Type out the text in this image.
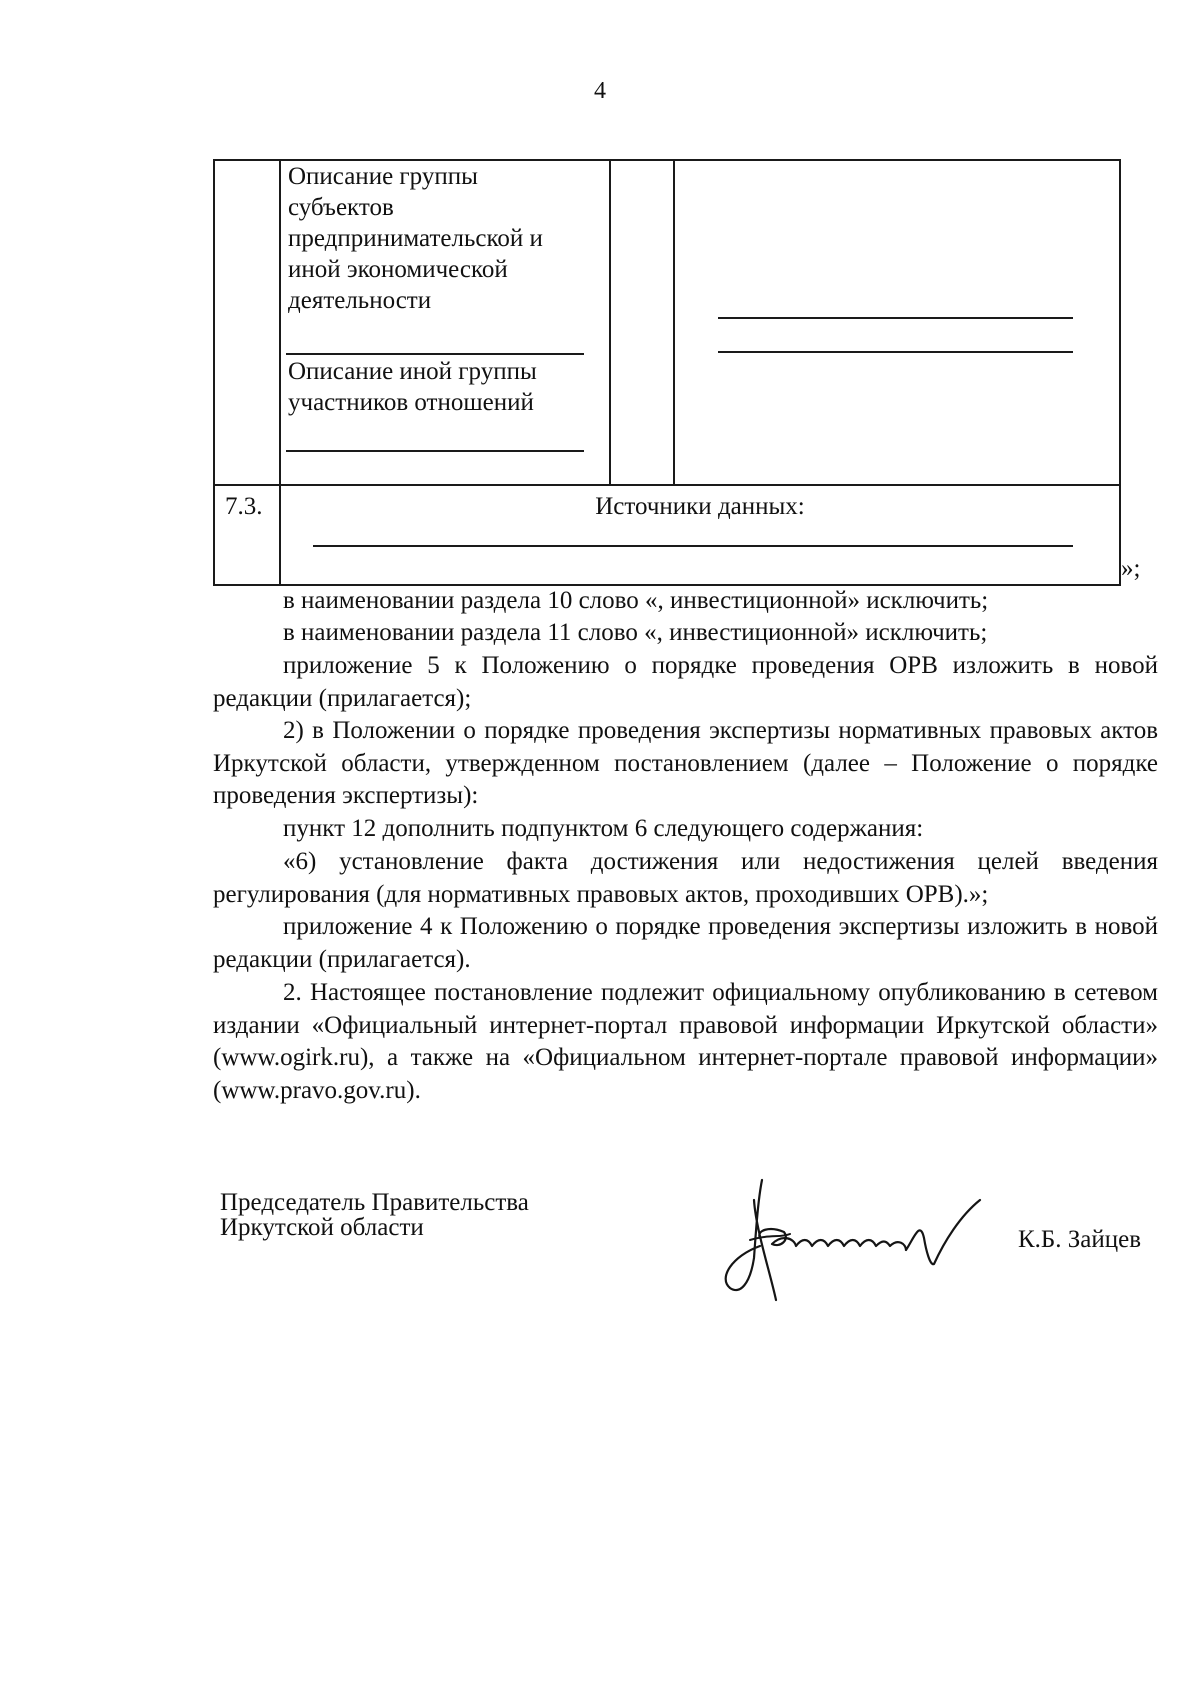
4
Описание группы
субъектов
предпринимательской и
иной экономической
деятельности
Описание иной группы
участников отношений
7.3.	Источники данных:
»;
в наименовании раздела 10 слово «, инвестиционной» исключить;
в наименовании раздела 11 слово «, инвестиционной» исключить;
приложение 5 к Положению о порядке проведения ОРВ изложить в новой редакции (прилагается);
2) в Положении о порядке проведения экспертизы нормативных правовых актов Иркутской области, утвержденном постановлением (далее – Положение о порядке проведения экспертизы):
пункт 12 дополнить подпунктом 6 следующего содержания:
«6) установление факта достижения или недостижения целей введения регулирования (для нормативных правовых актов, проходивших ОРВ).»;
приложение 4 к Положению о порядке проведения экспертизы изложить в новой редакции (прилагается).
2. Настоящее постановление подлежит официальному опубликованию в сетевом издании «Официальный интернет-портал правовой информации Иркутской области» (www.ogirk.ru), а также на «Официальном интернет-портале правовой информации» (www.pravo.gov.ru).
Председатель Правительства
Иркутской области	К.Б. Зайцев
